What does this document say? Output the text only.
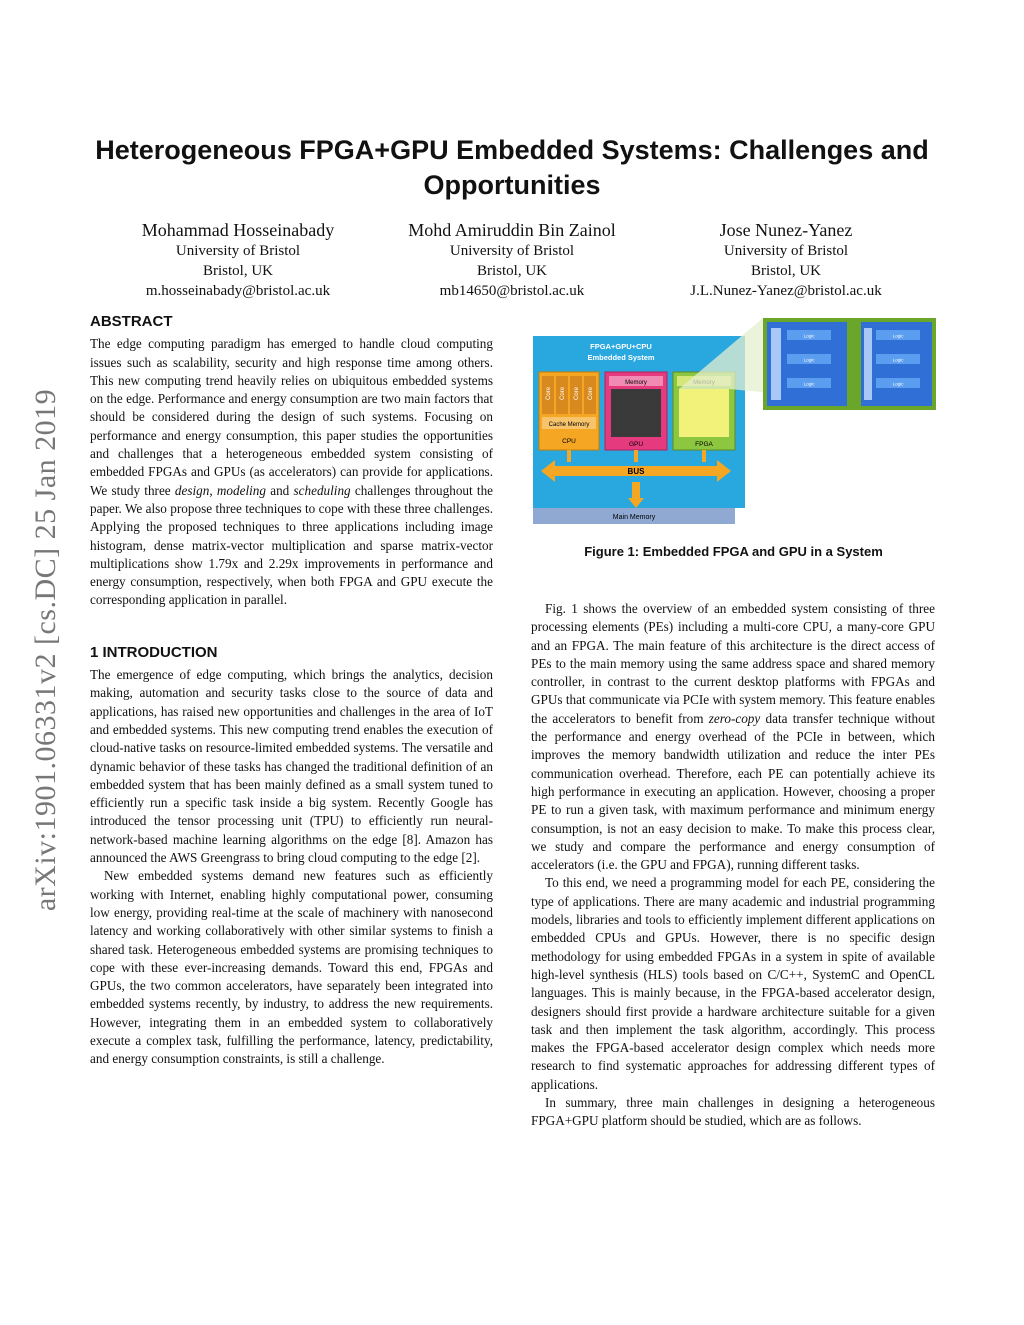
arXiv:1901.06331v2 [cs.DC] 25 Jan 2019
Heterogeneous FPGA+GPU Embedded Systems: Challenges and Opportunities
Mohammad Hosseinabady
University of Bristol
Bristol, UK
m.hosseinabady@bristol.ac.uk
Mohd Amiruddin Bin Zainol
University of Bristol
Bristol, UK
mb14650@bristol.ac.uk
Jose Nunez-Yanez
University of Bristol
Bristol, UK
J.L.Nunez-Yanez@bristol.ac.uk
ABSTRACT

The edge computing paradigm has emerged to handle cloud computing issues such as scalability, security and high response time among others. This new computing trend heavily relies on ubiquitous embedded systems on the edge. Performance and energy consumption are two main factors that should be considered during the design of such systems. Focusing on performance and energy consumption, this paper studies the opportunities and challenges that a heterogeneous embedded system consisting of embedded FPGAs and GPUs (as accelerators) can provide for applications. We study three design, modeling and scheduling challenges throughout the paper. We also propose three techniques to cope with these three challenges. Applying the proposed techniques to three applications including image histogram, dense matrix-vector multiplication and sparse matrix-vector multiplications show 1.79x and 2.29x improvements in performance and energy consumption, respectively, when both FPGA and GPU execute the corresponding application in parallel.

1 INTRODUCTION

The emergence of edge computing, which brings the analytics, decision making, automation and security tasks close to the source of data and applications, has raised new opportunities and challenges in the area of IoT and embedded systems. This new computing trend enables the execution of cloud-native tasks on resource-limited embedded systems. The versatile and dynamic behavior of these tasks has changed the traditional definition of an embedded system that has been mainly defined as a small system tuned to efficiently run a specific task inside a big system. Recently Google has introduced the tensor processing unit (TPU) to efficiently run neural-network-based machine learning algorithms on the edge [8]. Amazon has announced the AWS Greengrass to bring cloud computing to the edge [2].

New embedded systems demand new features such as efficiently working with Internet, enabling highly computational power, consuming low energy, providing real-time at the scale of machinery with nanosecond latency and working collaboratively with other similar systems to finish a shared task. Heterogeneous embedded systems are promising techniques to cope with these ever-increasing demands. Toward this end, FPGAs and GPUs, the two common accelerators, have separately been integrated into embedded systems recently, by industry, to address the new requirements. However, integrating them in an embedded system to collaboratively execute a complex task, fulfilling the performance, latency, predictability, and energy consumption constraints, is still a challenge.

Main Memory
FPGA+GPU+CPU
Embedded System
Core Core Core Core
Cache Memory
CPU
Memory
GPU	FPGA
BUS
Logic
Logic
Logic
Logic
Logic
Logic
Figure 1: Embedded FPGA and GPU in a System

Fig. 1 shows the overview of an embedded system consisting of three processing elements (PEs) including a multi-core CPU, a many-core GPU and an FPGA. The main feature of this architecture is the direct access of PEs to the main memory using the same address space and shared memory controller, in contrast to the current desktop platforms with FPGAs and GPUs that communicate via PCIe with system memory. This feature enables the accelerators to benefit from zero-copy data transfer technique without the performance and energy overhead of the PCIe in between, which improves the memory bandwidth utilization and reduce the inter PEs communication overhead. Therefore, each PE can potentially achieve its high performance in executing an application. However, choosing a proper PE to run a given task, with maximum performance and minimum energy consumption, is not an easy decision to make. To make this process clear, we study and compare the performance and energy consumption of accelerators (i.e. the GPU and FPGA), running different tasks.

To this end, we need a programming model for each PE, considering the type of applications. There are many academic and industrial programming models, libraries and tools to efficiently implement different applications on embedded CPUs and GPUs. However, there is no specific design methodology for using embedded FPGAs in a system in spite of available high-level synthesis (HLS) tools based on C/C++, SystemC and OpenCL languages. This is mainly because, in the FPGA-based accelerator design, designers should first provide a hardware architecture suitable for a given task and then implement the task algorithm, accordingly. This process makes the FPGA-based accelerator design complex which needs more research to find systematic approaches for addressing different types of applications.

In summary, three main challenges in designing a heterogeneous FPGA+GPU platform should be studied, which are as follows.
